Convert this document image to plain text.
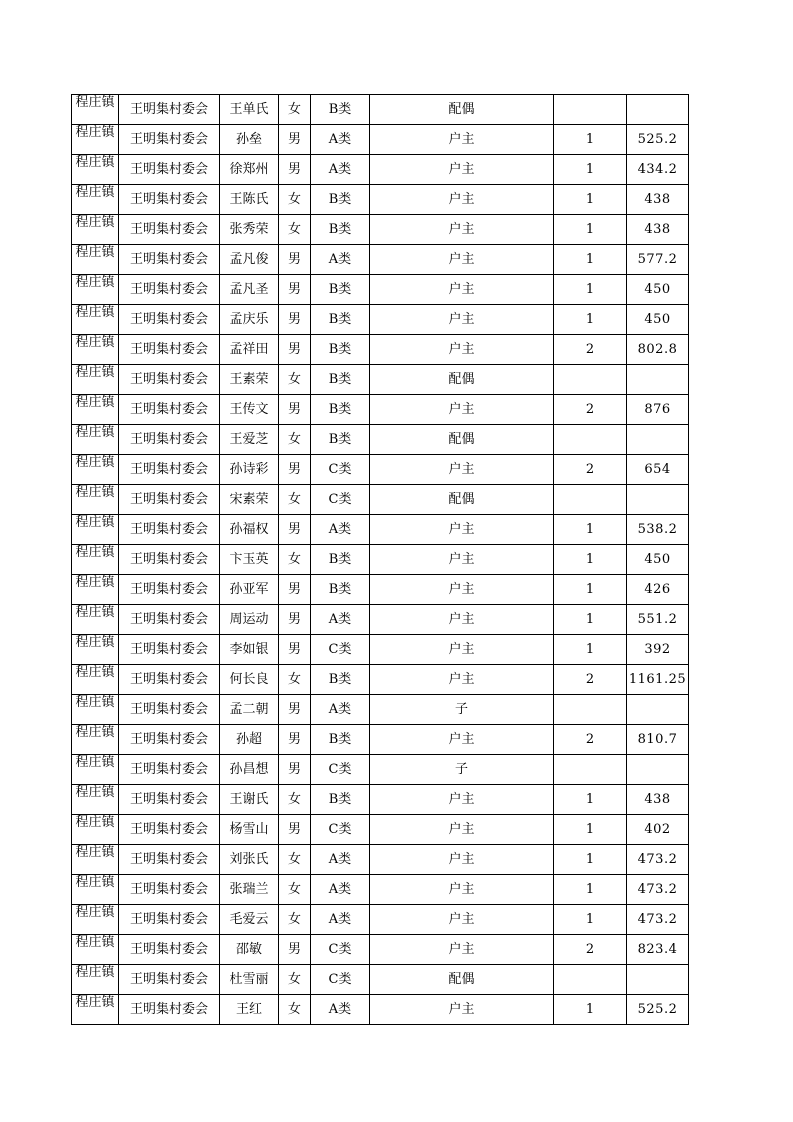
程庄镇	王明集村委会	王单氏	女	B类	配偶		

程庄镇	王明集村委会	孙垒	男	A类	户主	1	525.2

程庄镇	王明集村委会	徐郑州	男	A类	户主	1	434.2

程庄镇	王明集村委会	王陈氏	女	B类	户主	1	438

程庄镇	王明集村委会	张秀荣	女	B类	户主	1	438

程庄镇	王明集村委会	孟凡俊	男	A类	户主	1	577.2

程庄镇	王明集村委会	孟凡圣	男	B类	户主	1	450

程庄镇	王明集村委会	孟庆乐	男	B类	户主	1	450

程庄镇	王明集村委会	孟祥田	男	B类	户主	2	802.8

程庄镇	王明集村委会	王素荣	女	B类	配偶		

程庄镇	王明集村委会	王传文	男	B类	户主	2	876

程庄镇	王明集村委会	王爱芝	女	B类	配偶		

程庄镇	王明集村委会	孙诗彩	男	C类	户主	2	654

程庄镇	王明集村委会	宋素荣	女	C类	配偶		

程庄镇	王明集村委会	孙福权	男	A类	户主	1	538.2

程庄镇	王明集村委会	卞玉英	女	B类	户主	1	450

程庄镇	王明集村委会	孙亚军	男	B类	户主	1	426

程庄镇	王明集村委会	周运动	男	A类	户主	1	551.2

程庄镇	王明集村委会	李如银	男	C类	户主	1	392

程庄镇	王明集村委会	何长良	女	B类	户主	2	1161.25

程庄镇	王明集村委会	孟二朝	男	A类	子		

程庄镇	王明集村委会	孙超	男	B类	户主	2	810.7

程庄镇	王明集村委会	孙昌想	男	C类	子		

程庄镇	王明集村委会	王谢氏	女	B类	户主	1	438

程庄镇	王明集村委会	杨雪山	男	C类	户主	1	402

程庄镇	王明集村委会	刘张氏	女	A类	户主	1	473.2

程庄镇	王明集村委会	张瑞兰	女	A类	户主	1	473.2

程庄镇	王明集村委会	毛爱云	女	A类	户主	1	473.2

程庄镇	王明集村委会	邵敏	男	C类	户主	2	823.4

程庄镇	王明集村委会	杜雪丽	女	C类	配偶		

程庄镇	王明集村委会	王红	女	A类	户主	1	525.2
